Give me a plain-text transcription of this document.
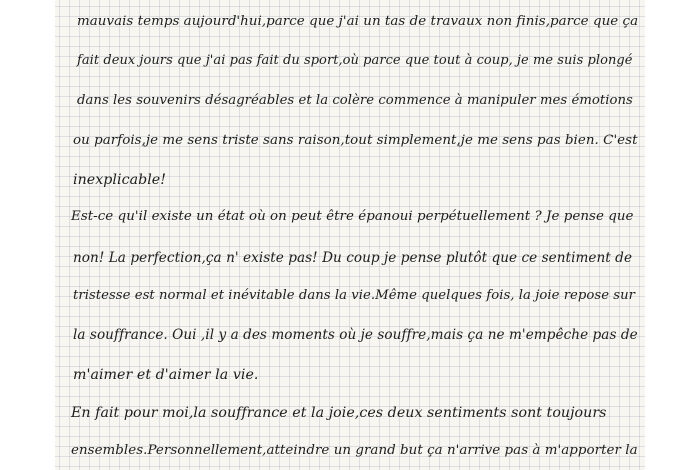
mauvais temps aujourd'hui,parce que j'ai un tas de travaux non finis,parce que ça

fait deux jours que j'ai pas fait du sport,où parce que tout à coup, je me suis plongé

dans les souvenirs désagréables et la colère commence à manipuler mes émotions

ou parfois,je me sens triste sans raison,tout simplement,je me sens pas bien. C'est

inexplicable!

Est-ce qu'il existe un état où on peut être épanoui perpétuellement ? Je pense que

non! La perfection,ça n' existe pas! Du coup je pense plutôt que ce sentiment de

tristesse est normal et inévitable dans la vie.Même quelques fois, la joie repose sur

la souffrance. Oui ,il y a des moments où je souffre,mais ça ne m'empêche pas de

m'aimer et d'aimer la vie.

En fait pour moi,la souffrance et la joie,ces deux sentiments sont toujours

ensembles.Personnellement,atteindre un grand but ça n'arrive pas à m'apporter la
